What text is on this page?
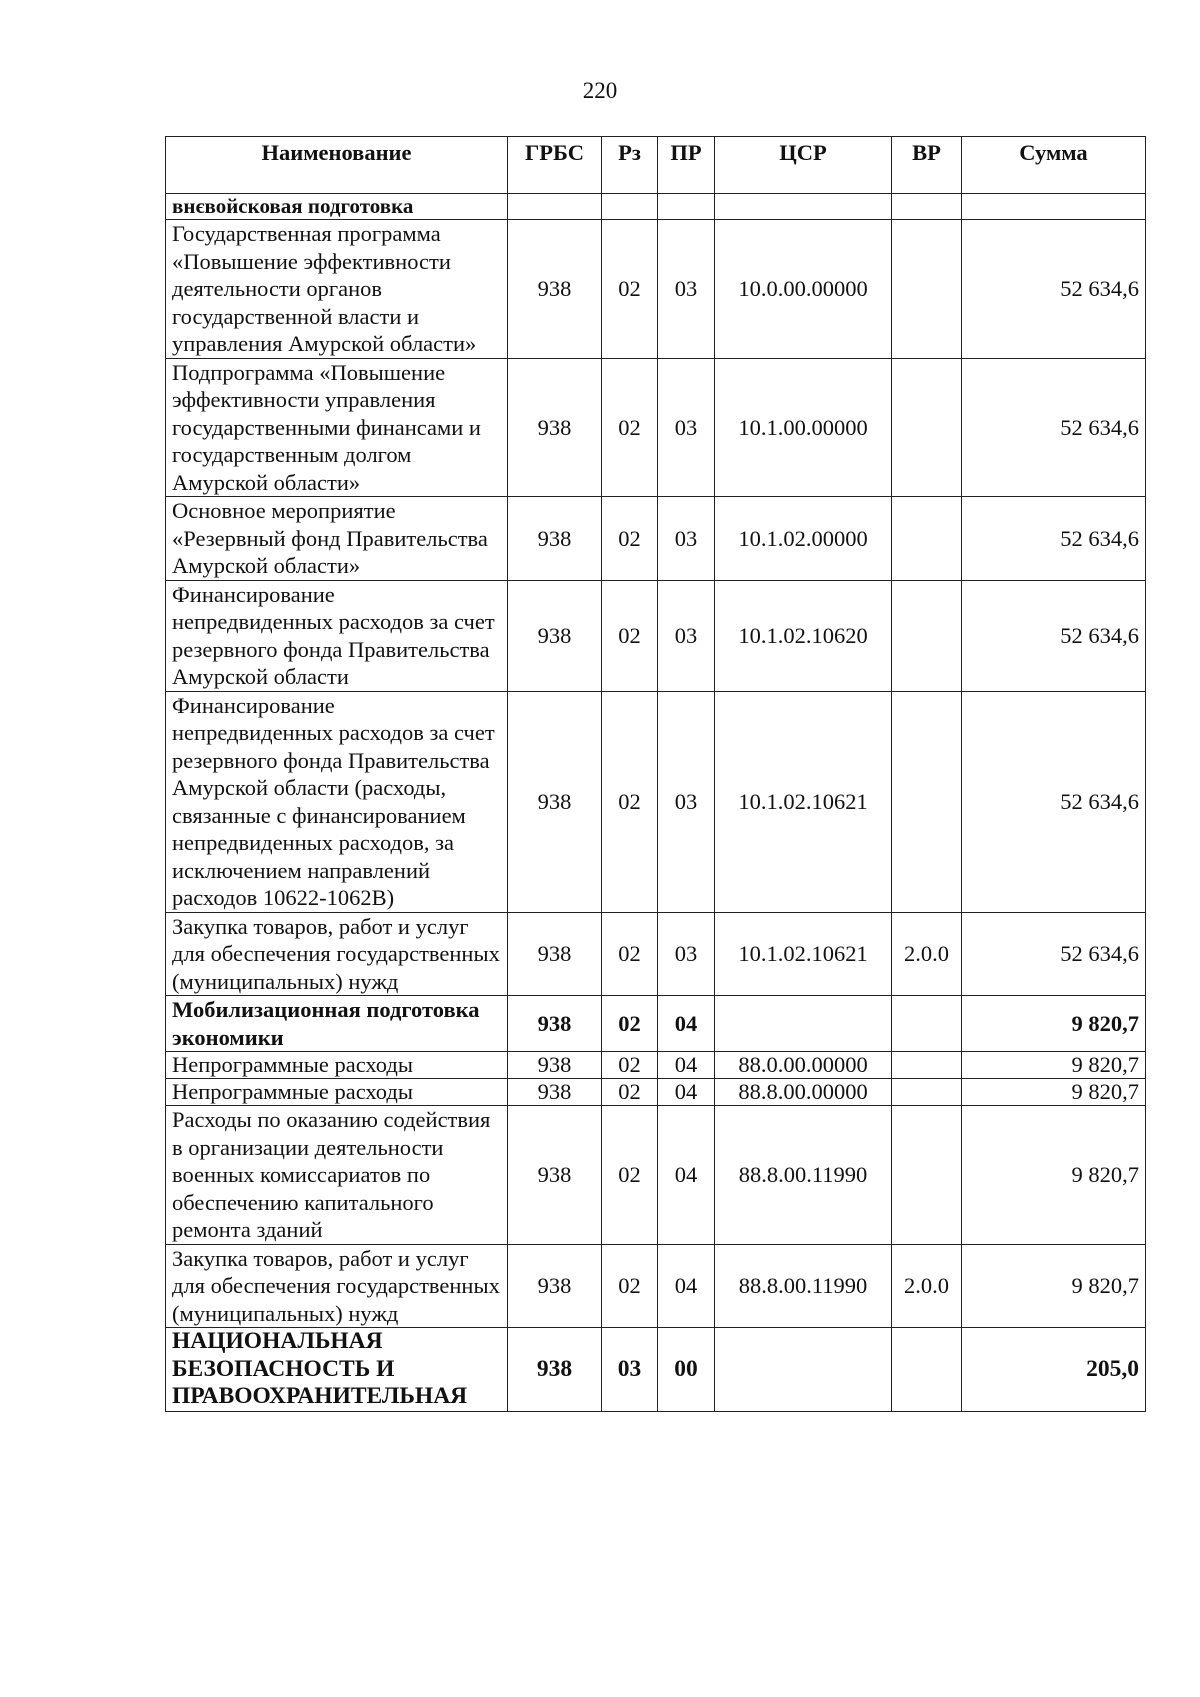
220
Наименование	ГРБС	Рз	ПР	ЦСР	ВР	Сумма
внєвойсковая подготовка						
Государственная программа «Повышение эффективности деятельности органов государственной власти и управления Амурской области»	938	02	03	10.0.00.00000		52 634,6
Подпрограмма «Повышение эффективности управления государственными финансами и государственным долгом Амурской области»	938	02	03	10.1.00.00000		52 634,6
Основное мероприятие «Резервный фонд Правительства Амурской области»	938	02	03	10.1.02.00000		52 634,6
Финансирование непредвиденных расходов за счет резервного фонда Правительства Амурской области	938	02	03	10.1.02.10620		52 634,6
Финансирование непредвиденных расходов за счет резервного фонда Правительства Амурской области (расходы, связанные с финансированием непредвиденных расходов, за исключением направлений расходов 10622-1062B)	938	02	03	10.1.02.10621		52 634,6
Закупка товаров, работ и услуг для обеспечения государственных (муниципальных) нужд	938	02	03	10.1.02.10621	2.0.0	52 634,6
Мобилизационная подготовка экономики	938	02	04			9 820,7
Непрограммные расходы	938	02	04	88.0.00.00000		9 820,7
Непрограммные расходы	938	02	04	88.8.00.00000		9 820,7
Расходы по оказанию содействия в организации деятельности военных комиссариатов по обеспечению капитального ремонта зданий	938	02	04	88.8.00.11990		9 820,7
Закупка товаров, работ и услуг для обеспечения государственных (муниципальных) нужд	938	02	04	88.8.00.11990	2.0.0	9 820,7
НАЦИОНАЛЬНАЯ БЕЗОПАСНОСТЬ И ПРАВООХРАНИТЕЛЬНАЯ	938	03	00			205,0
